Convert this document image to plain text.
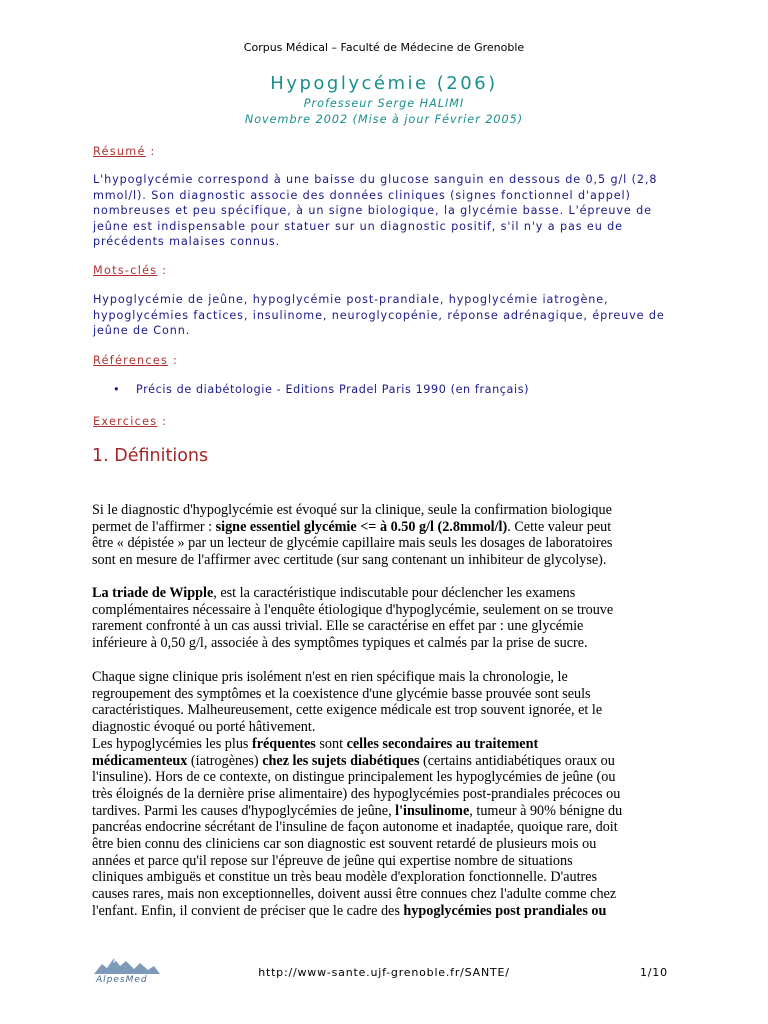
Corpus Médical – Faculté de Médecine de Grenoble
Hypoglycémie (206)
Professeur Serge HALIMI
Novembre 2002 (Mise à jour Février 2005)
Résumé :
L'hypoglycémie correspond à une baisse du glucose sanguin en dessous de 0,5 g/l (2,8
mmol/l). Son diagnostic associe des données cliniques (signes fonctionnel d'appel)
nombreuses et peu spécifique, à un signe biologique, la glycémie basse. L'épreuve de
jeûne est indispensable pour statuer sur un diagnostic positif, s'il n'y a pas eu de
précédents malaises connus.
Mots-clés :
Hypoglycémie de jeûne, hypoglycémie post-prandiale, hypoglycémie iatrogène,
hypoglycémies factices, insulinome, neuroglycopénie, réponse adrénagique, épreuve de
jeûne de Conn.
Références :
• Précis de diabétologie - Editions Pradel Paris 1990 (en français)
Exercices :
1. Définitions
Si le diagnostic d'hypoglycémie est évoqué sur la clinique, seule la confirmation biologique
permet de l'affirmer : signe essentiel glycémie <= à 0.50 g/l (2.8mmol/l). Cette valeur peut
être « dépistée » par un lecteur de glycémie capillaire mais seuls les dosages de laboratoires
sont en mesure de l'affirmer avec certitude (sur sang contenant un inhibiteur de glycolyse).
La triade de Wipple, est la caractéristique indiscutable pour déclencher les examens
complémentaires nécessaire à l'enquête étiologique d'hypoglycémie, seulement on se trouve
rarement confronté à un cas aussi trivial. Elle se caractérise en effet par : une glycémie
inférieure à 0,50 g/l, associée à des symptômes typiques et calmés par la prise de sucre.
Chaque signe clinique pris isolément n'est en rien spécifique mais la chronologie, le
regroupement des symptômes et la coexistence d'une glycémie basse prouvée sont seuls
caractéristiques. Malheureusement, cette exigence médicale est trop souvent ignorée, et le
diagnostic évoqué ou porté hâtivement.
Les hypoglycémies les plus fréquentes sont celles secondaires au traitement
médicamenteux (iatrogènes) chez les sujets diabétiques (certains antidiabétiques oraux ou
l'insuline). Hors de ce contexte, on distingue principalement les hypoglycémies de jeûne (ou
très éloignés de la dernière prise alimentaire) des hypoglycémies post-prandiales précoces ou
tardives. Parmi les causes d'hypoglycémies de jeûne, l'insulinome, tumeur à 90% bénigne du
pancréas endocrine sécrétant de l'insuline de façon autonome et inadaptée, quoique rare, doit
être bien connu des cliniciens car son diagnostic est souvent retardé de plusieurs mois ou
années et parce qu'il repose sur l'épreuve de jeûne qui expertise nombre de situations
cliniques ambiguës et constitue un très beau modèle d'exploration fonctionnelle. D'autres
causes rares, mais non exceptionnelles, doivent aussi être connues chez l'adulte comme chez
l'enfant. Enfin, il convient de préciser que le cadre des hypoglycémies post prandiales ou
AlpesMed
http://www-sante.ujf-grenoble.fr/SANTE/	1/10
